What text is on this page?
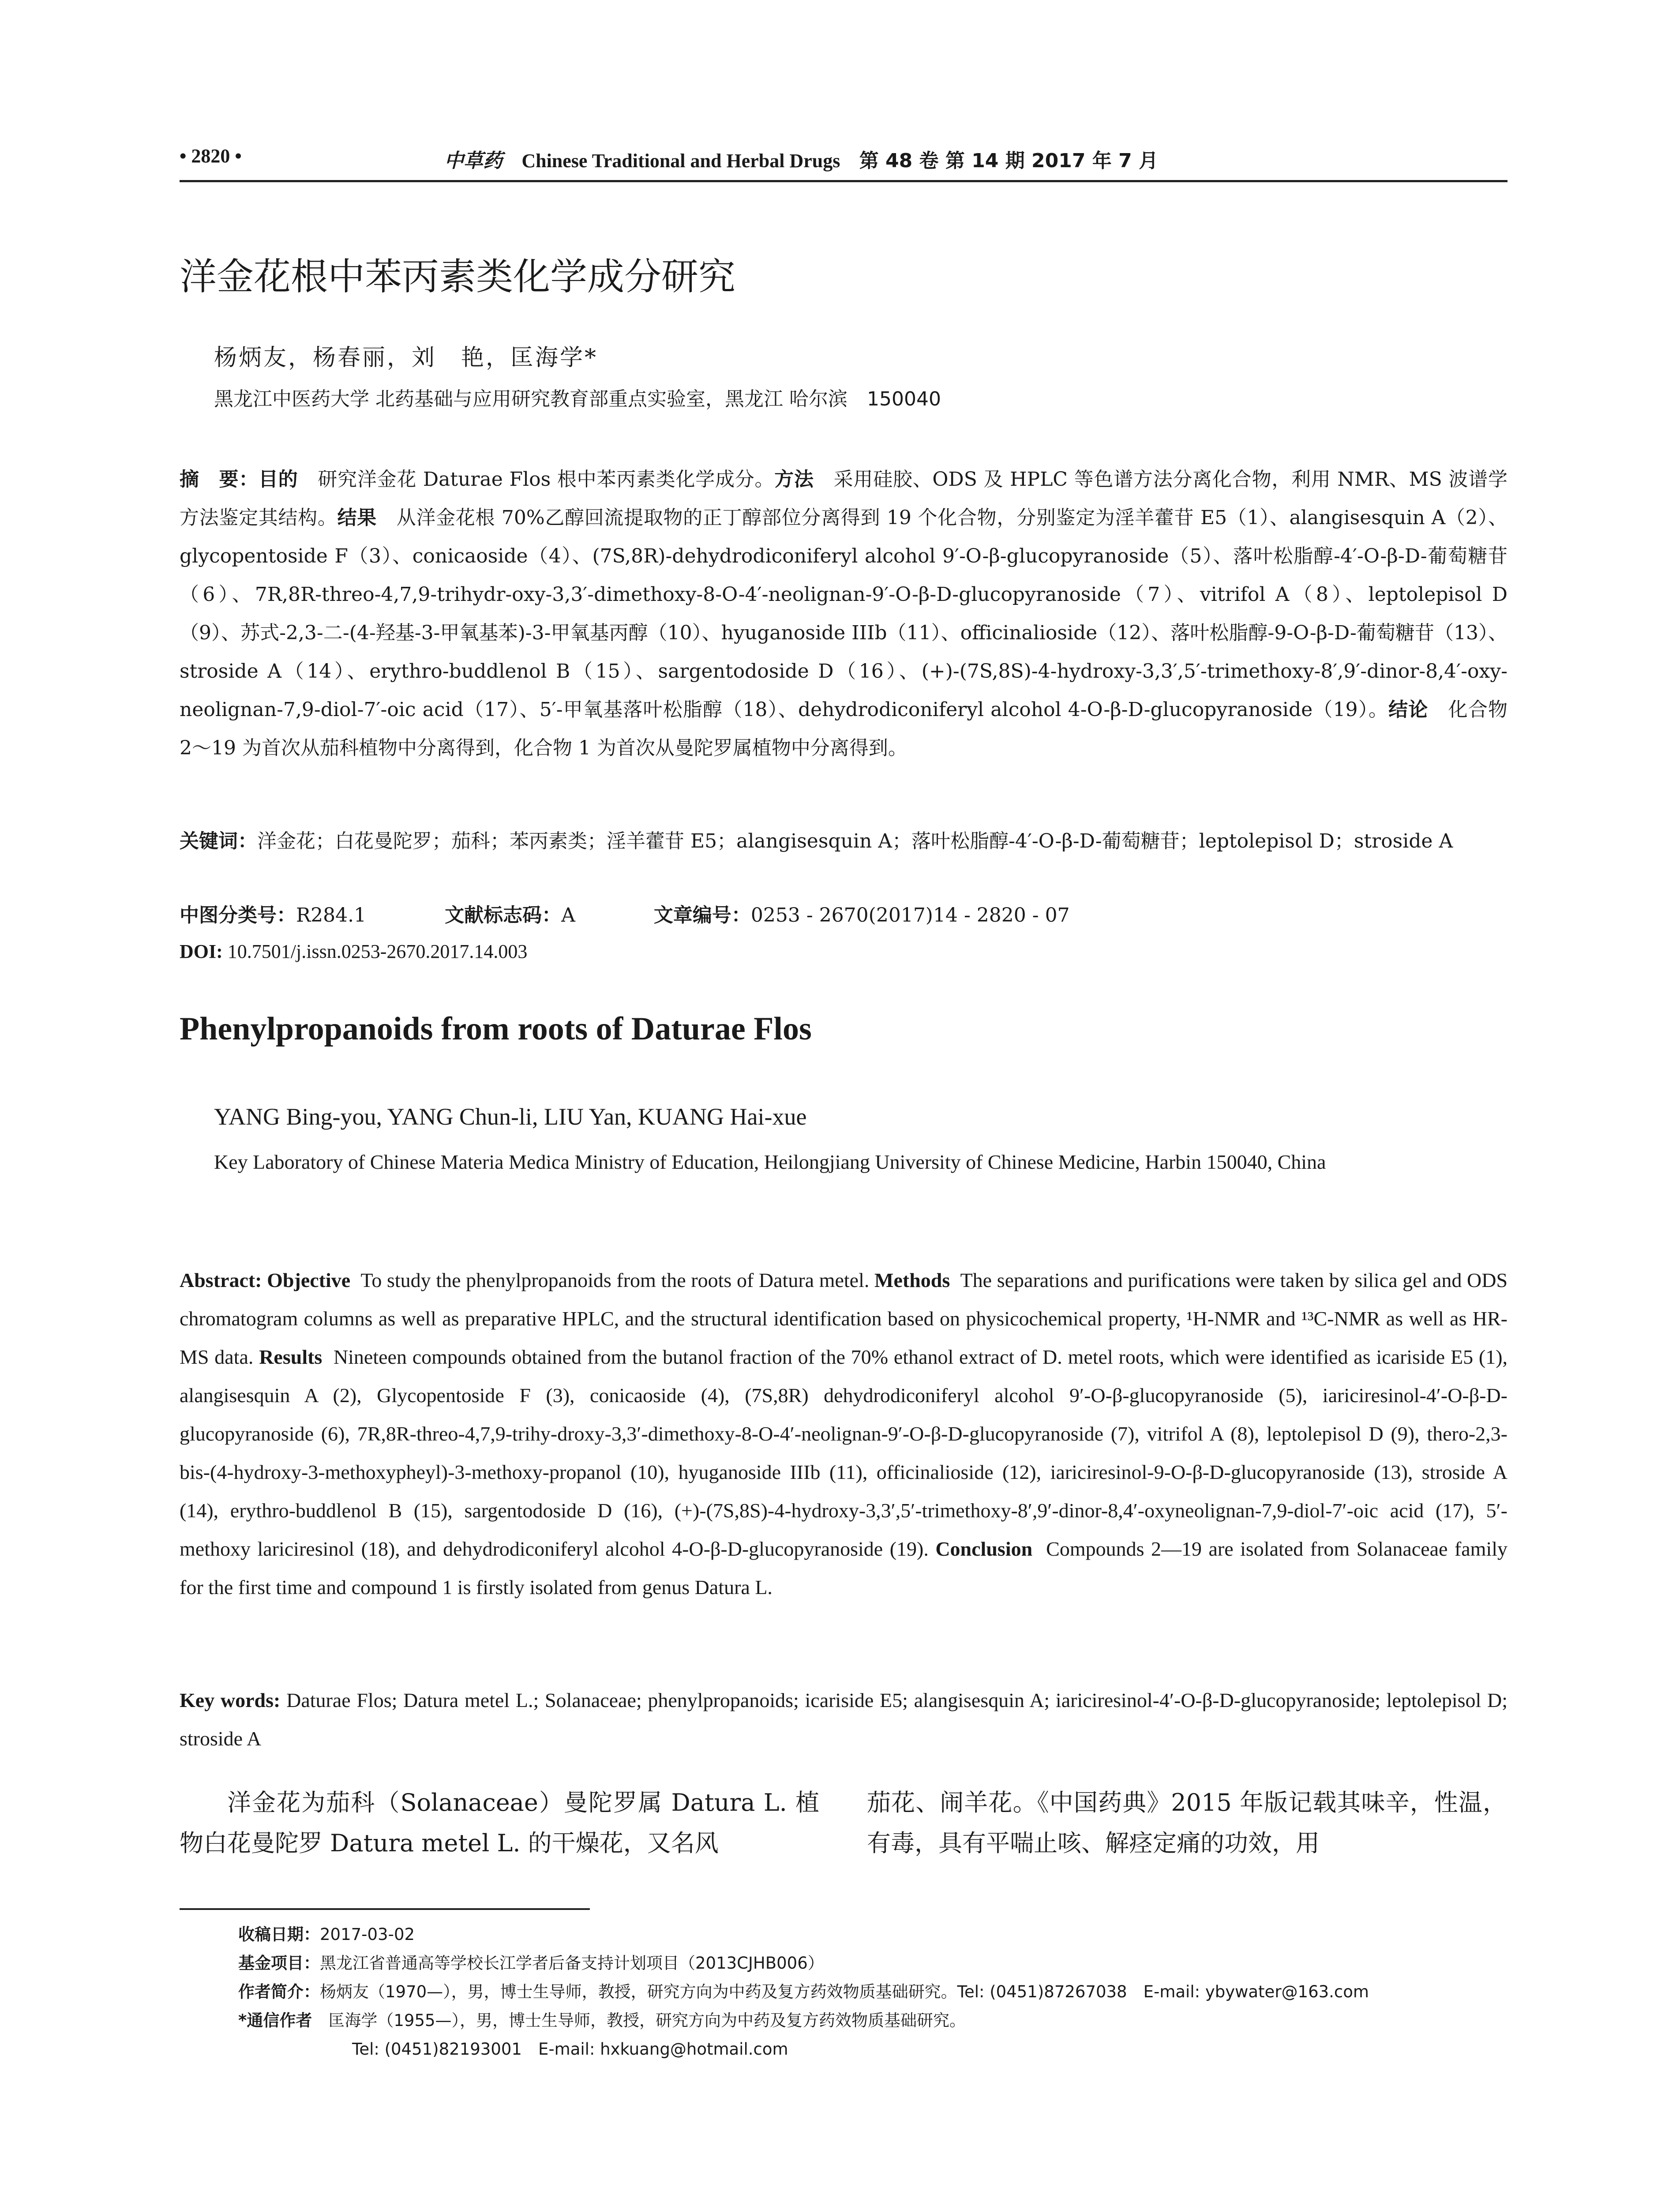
• 2820 •	中草药 Chinese Traditional and Herbal Drugs 第 48 卷 第 14 期 2017 年 7 月
洋金花根中苯丙素类化学成分研究
杨炳友，杨春丽，刘　艳，匡海学*
黑龙江中医药大学 北药基础与应用研究教育部重点实验室，黑龙江 哈尔滨　150040
摘　要：目的　 研究洋金花 Daturae Flos 根中苯丙素类化学成分。方法　 采用硅胶、ODS 及 HPLC 等色谱方法分离化合物，利用 NMR、MS 波谱学方法鉴定其结构。结果　 从洋金花根 70%乙醇回流提取物的正丁醇部位分离得到 19 个化合物，分别鉴定为淫羊藿苷 E5（1）、alangisesquin A（2）、glycopentoside F（3）、conicaoside（4）、(7S,8R)-dehydrodiconiferyl alcohol 9′-O-β-glucopyranoside（5）、落叶松脂醇-4′-O-β-D-葡萄糖苷（6）、7R,8R-threo-4,7,9-trihydr-oxy-3,3′-dimethoxy-8-O-4′-neolignan-9′-O-β-D-glucopyranoside（7）、vitrifol A（8）、leptolepisol D（9）、苏式-2,3-二-(4-羟基-3-甲氧基苯)-3-甲氧基丙醇（10）、hyuganoside IIIb（11）、officinalioside（12）、落叶松脂醇-9-O-β-D-葡萄糖苷（13）、stroside A（14）、erythro-buddlenol B（15）、sargentodoside D（16）、(+)-(7S,8S)-4-hydroxy-3,3′,5′-trimethoxy-8′,9′-dinor-8,4′-oxy-neolignan-7,9-diol-7′-oic acid（17）、5′-甲氧基落叶松脂醇（18）、dehydrodiconiferyl alcohol 4-O-β-D-glucopyranoside（19）。结论　 化合物 2～19 为首次从茄科植物中分离得到，化合物 1 为首次从曼陀罗属植物中分离得到。
关键词：洋金花；白花曼陀罗；茄科；苯丙素类；淫羊藿苷 E5；alangisesquin A；落叶松脂醇-4′-O-β-D-葡萄糖苷；leptolepisol D；stroside A
中图分类号：R284.1	文献标志码：A	文章编号：0253 - 2670(2017)14 - 2820 - 07
DOI: 10.7501/j.issn.0253-2670.2017.14.003
Phenylpropanoids from roots of Daturae Flos
YANG Bing-you, YANG Chun-li, LIU Yan, KUANG Hai-xue
Key Laboratory of Chinese Materia Medica Ministry of Education, Heilongjiang University of Chinese Medicine, Harbin 150040, China
Abstract: Objective To study the phenylpropanoids from the roots of Datura metel. Methods The separations and purifications were taken by silica gel and ODS chromatogram columns as well as preparative HPLC, and the structural identification based on physicochemical property, ¹H-NMR and ¹³C-NMR as well as HR-MS data. Results Nineteen compounds obtained from the butanol fraction of the 70% ethanol extract of D. metel roots, which were identified as icariside E5 (1), alangisesquin A (2), Glycopentoside F (3), conicaoside (4), (7S,8R) dehydrodiconiferyl alcohol 9′-O-β-glucopyranoside (5), iariciresinol-4′-O-β-D-glucopyranoside (6), 7R,8R-threo-4,7,9-trihy-droxy-3,3′-dimethoxy-8-O-4′-neolignan-9′-O-β-D-glucopyranoside (7), vitrifol A (8), leptolepisol D (9), thero-2,3-bis-(4-hydroxy-3-methoxypheyl)-3-methoxy-propanol (10), hyuganoside IIIb (11), officinalioside (12), iariciresinol-9-O-β-D-glucopyranoside (13), stroside A (14), erythro-buddlenol B (15), sargentodoside D (16), (+)-(7S,8S)-4-hydroxy-3,3′,5′-trimethoxy-8′,9′-dinor-8,4′-oxyneolignan-7,9-diol-7′-oic acid (17), 5′-methoxy lariciresinol (18), and dehydrodiconiferyl alcohol 4-O-β-D-glucopyranoside (19). Conclusion Compounds 2—19 are isolated from Solanaceae family for the first time and compound 1 is firstly isolated from genus Datura L.
Key words: Daturae Flos; Datura metel L.; Solanaceae; phenylpropanoids; icariside E5; alangisesquin A; iariciresinol-4′-O-β-D-glucopyranoside; leptolepisol D; stroside A
洋金花为茄科（Solanaceae）曼陀罗属 Datura L. 植物白花曼陀罗 Datura metel L. 的干燥花，又名风
茄花、闹羊花。《中国药典》2015 年版记载其味辛，性温，有毒，具有平喘止咳、解痉定痛的功效，用
收稿日期：2017-03-02
基金项目：黑龙江省普通高等学校长江学者后备支持计划项目（2013CJHB006）
作者简介：杨炳友（1970—），男，博士生导师，教授，研究方向为中药及复方药效物质基础研究。Tel: (0451)87267038　E-mail: ybywater@163.com
*通信作者　 匡海学（1955—），男，博士生导师，教授，研究方向为中药及复方药效物质基础研究。
Tel: (0451)82193001　E-mail: hxkuang@hotmail.com
